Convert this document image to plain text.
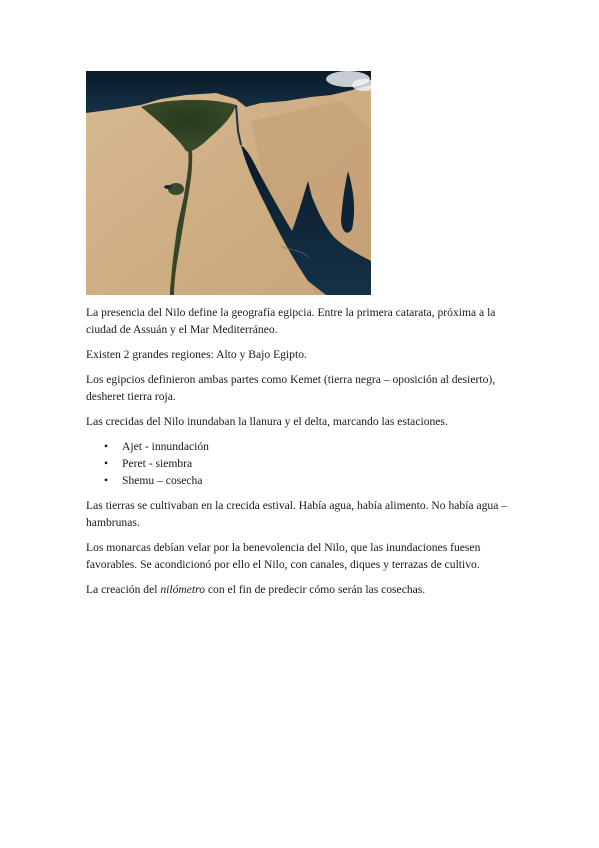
La presencia del Nilo define la geografía egipcia. Entre la primera catarata, próxima a la ciudad de Assuán y el Mar Mediterráneo.

Existen 2 grandes regiones: Alto y Bajo Egipto.

Los egipcios definieron ambas partes como Kemet (tierra negra – oposición al desierto), desheret tierra roja.

Las crecidas del Nilo inundaban la llanura y el delta, marcando las estaciones.

• Ajet - innundación
• Peret - siembra
• Shemu – cosecha

Las tierras se cultivaban en la crecida estival. Había agua, había alimento. No había agua – hambrunas.

Los monarcas debían velar por la benevolencia del Nilo, que las inundaciones fuesen favorables. Se acondicionó por ello el Nilo, con canales, diques y terrazas de cultivo.

La creación del nilómetro con el fin de predecir cómo serán las cosechas.
